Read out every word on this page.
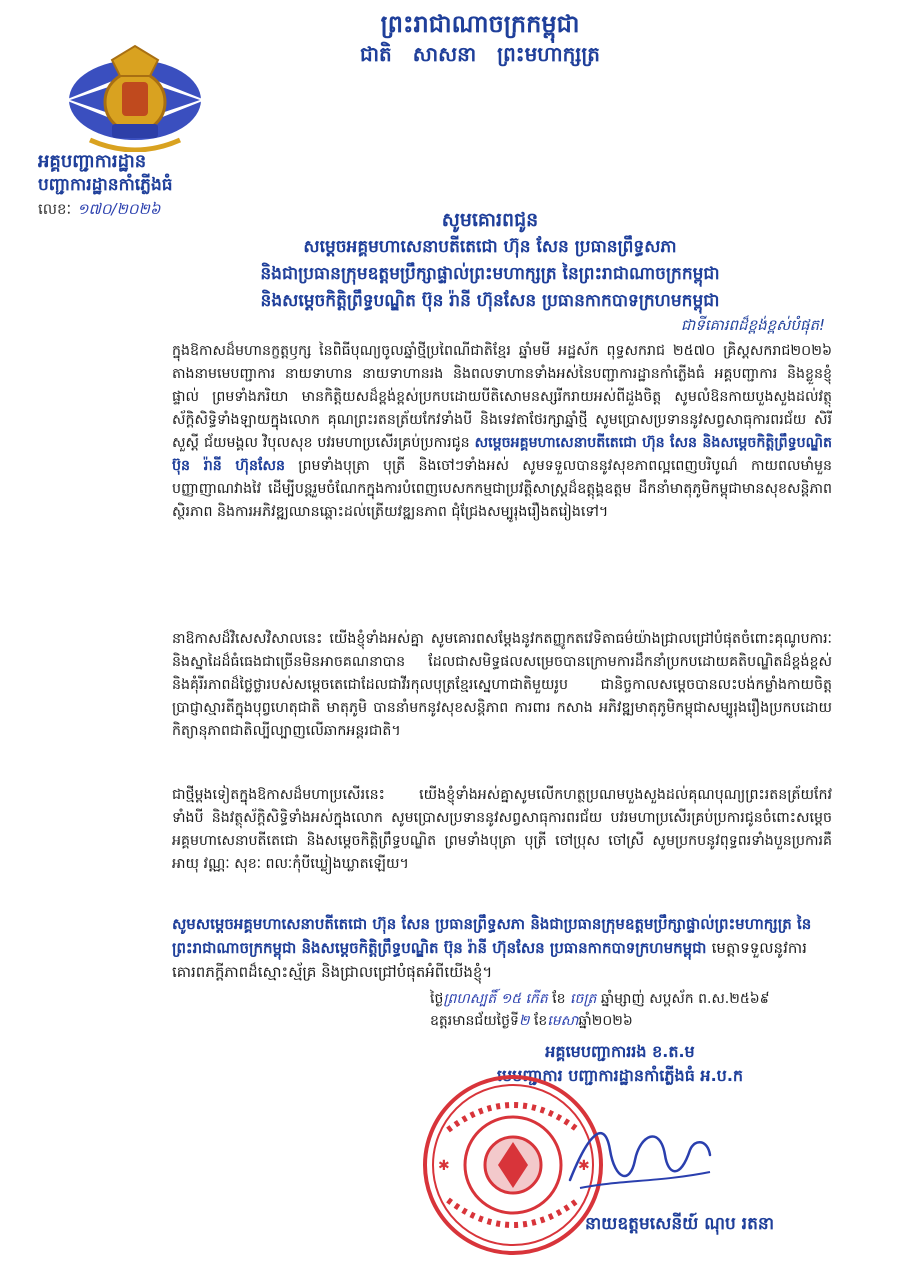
ព្រះរាជាណាចក្រកម្ពុជា
ជាតិ សាសនា ព្រះមហាក្សត្រ
អគ្គបញ្ជាការដ្ឋាន
បញ្ជាការដ្ឋានកាំភ្លើងធំ
លេខៈ ១៧០/២០២៦	សូមគោរពជូន
សម្តេចអគ្គមហាសេនាបតីតេជោ ហ៊ុន សែន ប្រធានព្រឹទ្ធសភា
និងជាប្រធានក្រុមឧត្តមប្រឹក្សាផ្ទាល់ព្រះមហាក្សត្រ នៃព្រះរាជាណាចក្រកម្ពុជា
និងសម្តេចកិត្តិព្រឹទ្ធបណ្ឌិត ប៊ុន រ៉ានី ហ៊ុនសែន ប្រធានកាកបាទក្រហមកម្ពុជា
ជាទីគោរពដ៏ខ្ពង់ខ្ពស់បំផុត!

ក្នុងឱកាសដ៏មហានក្ខត្តឫក្ស នៃពិធីបុណ្យចូលឆ្នាំថ្មីប្រពៃណីជាតិខ្មែរ ឆ្នាំមមី អដ្ឋស័ក ពុទ្ធសករាជ ២៥៧០ គ្រិស្តសករាជ២០២៦ តាងនាមមេបញ្ជាការ នាយទាហាន នាយទាហានរង និងពលទាហានទាំងអស់នៃបញ្ជាការដ្ឋានកាំភ្លើងធំ អគ្គបញ្ជាការ និងខ្លួនខ្ញុំផ្ទាល់ ព្រមទាំងភរិយា មានកិត្តិយសដ៏ខ្ពង់ខ្ពស់ប្រកបដោយបីតិសោមនស្សរីករាយអស់ពីដួងចិត្ត សូមលំឱនកាយបួងសួងដល់វត្ថុស័ក្តិសិទ្ធិទាំងឡាយក្នុងលោក គុណព្រះរតនត្រ័យកែវទាំងបី និងទេវតាថែរក្សាឆ្នាំថ្មី សូមប្រោសប្រទាននូវសព្វសាធុការពរជ័យ សិរីសួស្តី ជ័យមង្គល វិបុលសុខ បវរមហាប្រសើរគ្រប់ប្រការជូន សម្តេចអគ្គមហាសេនាបតីតេជោ ហ៊ុន សែន និងសម្តេចកិត្តិព្រឹទ្ធបណ្ឌិត ប៊ុន រ៉ានី ហ៊ុនសែន ព្រមទាំងបុត្រា បុត្រី និងចៅៗទាំងអស់ សូមទទួលបាននូវសុខភាពល្អពេញបរិបូណ៌ កាយពលមាំមួន បញ្ញាញាណវាងវៃ ដើម្បីបន្តរួមចំណែកក្នុងការបំពេញបេសកកម្មជាប្រវត្តិសាស្ត្រដ៏ឧត្តុង្គឧត្តម ដឹកនាំមាតុភូមិកម្ពុជាមានសុខសន្តិភាព ស្ថិរភាព និងការអភិវឌ្ឍឈានឆ្ពោះដល់ត្រើយវឌ្ឍនភាព ជុំជ្រែងសម្បូរុងរឿងតរៀងទៅ។

នាឱកាសដ៏វិសេសវិសាលនេះ យើងខ្ញុំទាំងអស់គ្នា សូមគោរពសម្តែងនូវកតញ្ញូកតវេទិតាធម៌យ៉ាងជ្រាលជ្រៅបំផុតចំពោះគុណូបការៈ និងស្នាដៃដ៏ធំធេងជាច្រើនមិនអាចគណនាបាន ដែលជាសមិទ្ធផលសម្រេចបានក្រោមការដឹកនាំប្រកបដោយគតិបណ្ឌិតដ៏ខ្ពង់ខ្ពស់ និងគុំរីរភាពដ៏ថ្លៃថ្លារបស់សម្តេចតេជោដែលជាវីរកុលបុត្រខ្មែរស្នេហាជាតិមួយរូប ជានិច្ចកាលសម្តេចបានលះបង់កម្លាំងកាយចិត្ត ប្រាជ្ញាស្មារតីក្នុងបុព្វហេតុជាតិ មាតុភូមិ បាននាំមកនូវសុខសន្តិភាព ការពារ កសាង អភិវឌ្ឍមាតុភូមិកម្ពុជាសម្បូរុងរឿងប្រកបដោយកិត្យានុភាពជាតិល្បីល្បាញលើឆាកអន្តរជាតិ។

ជាថ្មីម្តងទៀតក្នុងឱកាសដ៏មហាប្រសើរនេះ យើងខ្ញុំទាំងអស់គ្នាសូមលើកហត្ថប្រណមបួងសួងដល់គុណបុណ្យព្រះរតនត្រ័យកែវទាំងបី និងវត្ថុស័ក្តិសិទ្ធិទាំងអស់ក្នុងលោក សូមប្រោសប្រទាននូវសព្វសាធុការពរជ័យ បវរមហាប្រសើរគ្រប់ប្រការជូនចំពោះសម្តេចអគ្គមហាសេនាបតីតេជោ និងសម្តេចកិត្តិព្រឹទ្ធបណ្ឌិត ព្រមទាំងបុត្រា បុត្រី ចៅប្រុស ចៅស្រី សូមប្រកបនូវពុទ្ធពរទាំងបួនប្រការគឺ អាយុ វណ្ណៈ សុខៈ ពលៈកុំបីឃ្លៀងឃ្លាតឡើយ។

សូមសម្តេចអគ្គមហាសេនាបតីតេជោ ហ៊ុន សែន ប្រធានព្រឹទ្ធសភា និងជាប្រធានក្រុមឧត្តមប្រឹក្សាផ្ទាល់ព្រះមហាក្សត្រ នៃព្រះរាជាណាចក្រកម្ពុជា និងសម្តេចកិត្តិព្រឹទ្ធបណ្ឌិត ប៊ុន រ៉ានី ហ៊ុនសែន ប្រធានកាកបាទក្រហមកម្ពុជា មេត្តាទទួលនូវការគោរពភក្តីភាពដ៏ស្មោះស្ម័គ្រ និងជ្រាលជ្រៅបំផុតអំពីយើងខ្ញុំ។

ថ្ងៃព្រហស្បតិ៍ ១៥ កើត ខែ ចេត្រ ឆ្នាំម្សាញ់ សប្តស័ក ព.ស.២៥៦៩
ឧត្តរមានជ័យថ្ងៃទី២ ខែមេសាឆ្នាំ២០២៦
អគ្គមេបញ្ជាការរង ខ.ត.ម
មេបញ្ជាការ បញ្ជាការដ្ឋានកាំភ្លើងធំ អ.ប.ក
✱	✱
នាយឧត្តមសេនីយ៍ ណុប រតនា
